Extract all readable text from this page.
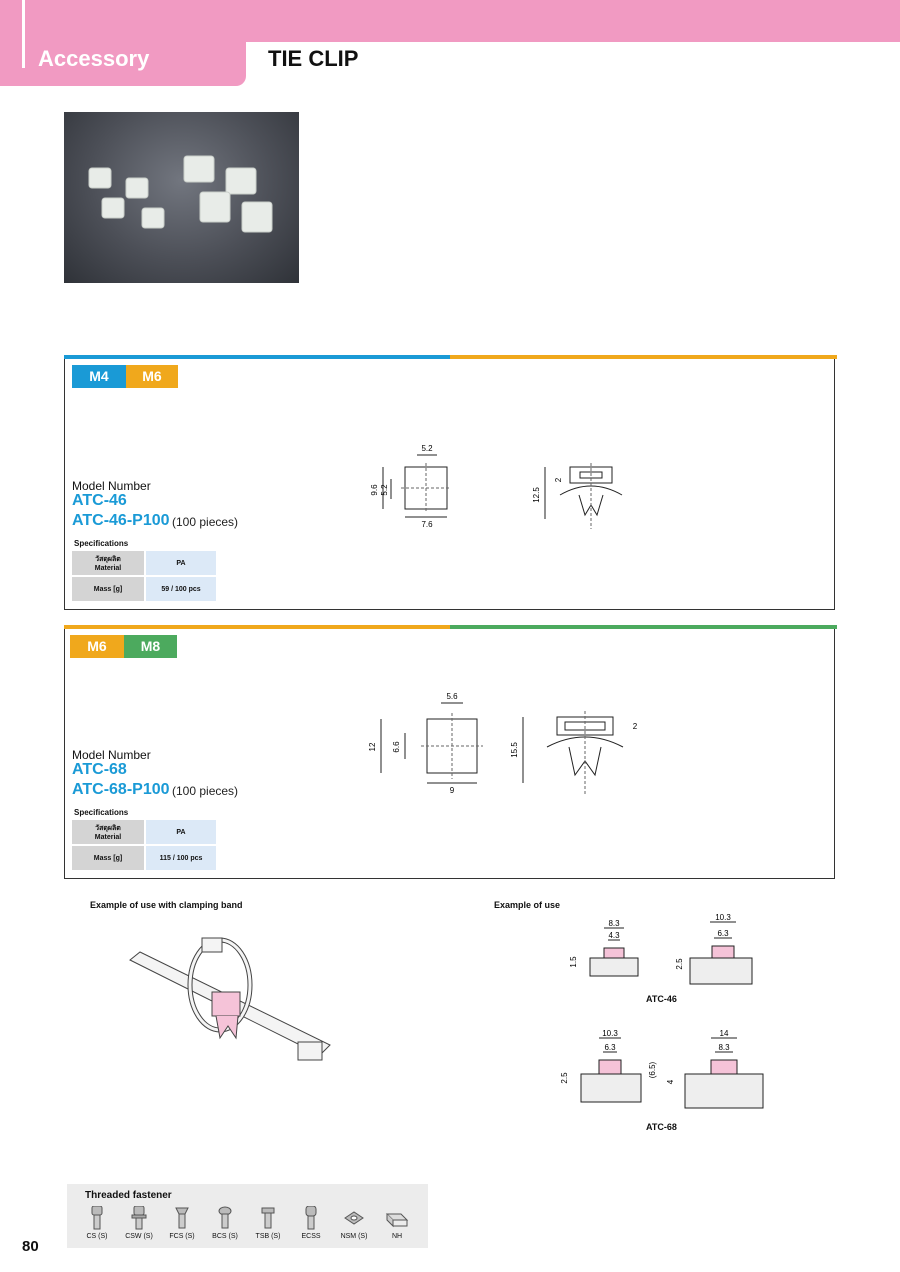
Accessory	TIE CLIP
M4	M6
Model Number
ATC-46
ATC-46-P100 (100 pieces)
Specifications
วัสดุผลิต
Material	PA
Mass [g]	59 / 100 pcs
5.2
9.6 5.2
7.6
12.5
2
M6	M8
Model Number
ATC-68
ATC-68-P100 (100 pieces)
Specifications
วัสดุผลิต
Material	PA
Mass [g]	115 / 100 pcs
5.6
12 6.6
9
15.5
2
Example of use with clamping band	Example of use
8.3
4.3
1.5
10.3
6.3
2.5
ATC-46
10.3
6.3
2.5	(6.5)
14
8.3
4
ATC-68
Threaded fastener
CS (S)	CSW (S)	FCS (S)	BCS (S)	TSB (S)	ECSS	NSM (S)	NH
80
